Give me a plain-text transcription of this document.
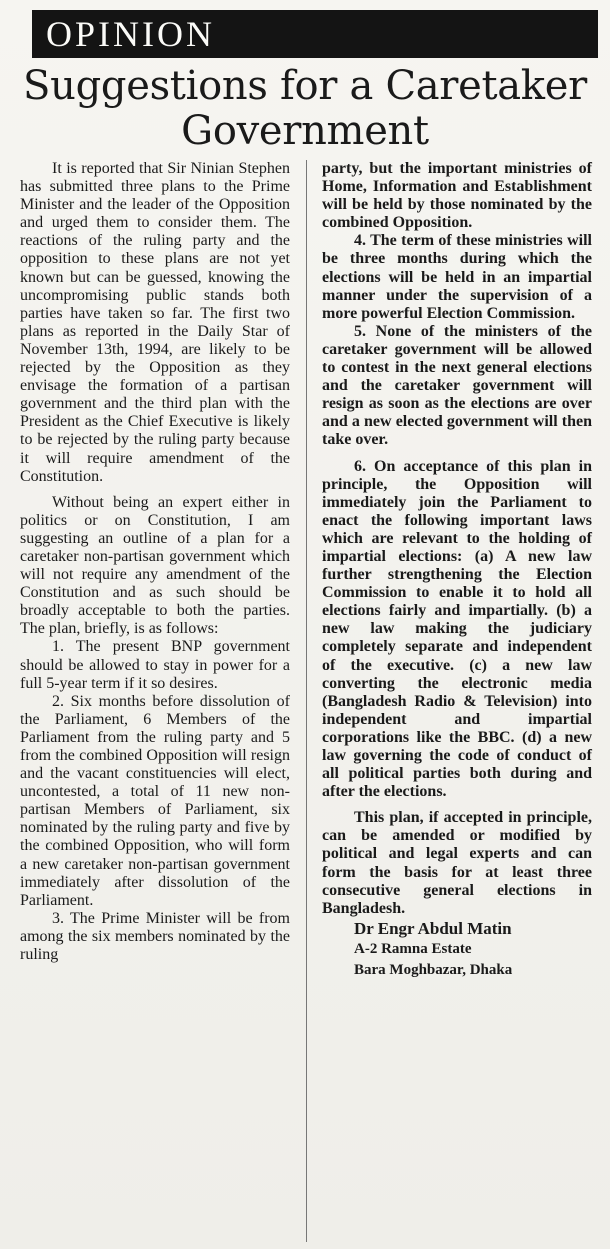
OPINION
Suggestions for a Caretaker Government

It is reported that Sir Ninian Stephen has submitted three plans to the Prime Minister and the leader of the Opposition and urged them to consider them. The reactions of the ruling party and the opposition to these plans are not yet known but can be guessed, knowing the uncompromising public stands both parties have taken so far. The first two plans as reported in the Daily Star of November 13th, 1994, are likely to be rejected by the Opposition as they envisage the formation of a partisan government and the third plan with the President as the Chief Executive is likely to be rejected by the ruling party because it will require amendment of the Constitution.

Without being an expert either in politics or on Constitution, I am suggesting an outline of a plan for a caretaker non-partisan government which will not require any amendment of the Constitution and as such should be broadly acceptable to both the parties. The plan, briefly, is as follows:

1. The present BNP government should be allowed to stay in power for a full 5-year term if it so desires.

2. Six months before dissolution of the Parliament, 6 Members of the Parliament from the ruling party and 5 from the combined Opposition will resign and the vacant constituencies will elect, uncontested, a total of 11 new non-partisan Members of Parliament, six nominated by the ruling party and five by the combined Opposition, who will form a new caretaker non-partisan government immediately after dissolution of the Parliament.

3. The Prime Minister will be from among the six members nominated by the ruling

party, but the important ministries of Home, Information and Establishment will be held by those nominated by the combined Opposition.

4. The term of these ministries will be three months during which the elections will be held in an impartial manner under the supervision of a more powerful Election Commission.

5. None of the ministers of the caretaker government will be allowed to contest in the next general elections and the caretaker government will resign as soon as the elections are over and a new elected government will then take over.

6. On acceptance of this plan in principle, the Opposition will immediately join the Parliament to enact the following important laws which are relevant to the holding of impartial elections: (a) A new law further strengthening the Election Commission to enable it to hold all elections fairly and impartially. (b) a new law making the judiciary completely separate and independent of the executive. (c) a new law converting the electronic media (Bangladesh Radio & Television) into independent and impartial corporations like the BBC. (d) a new law governing the code of conduct of all political parties both during and after the elections.

This plan, if accepted in principle, can be amended or modified by political and legal experts and can form the basis for at least three consecutive general elections in Bangladesh.

Dr Engr Abdul Matin
A-2 Ramna Estate
Bara Moghbazar, Dhaka
